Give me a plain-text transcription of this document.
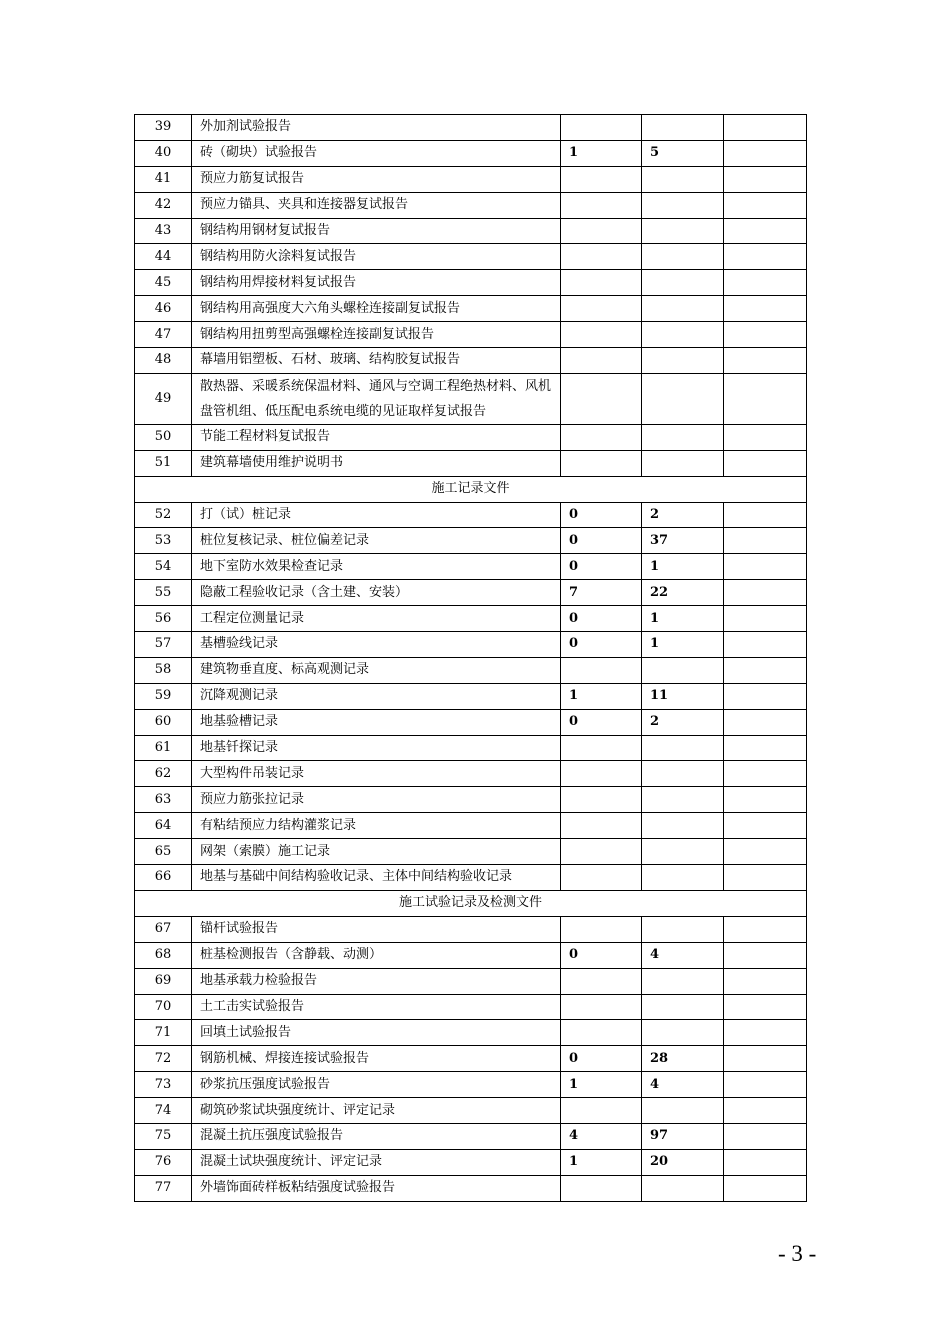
39	外加剂试验报告			
40	砖（砌块）试验报告	1	5	
41	预应力筋复试报告			
42	预应力锚具、夹具和连接器复试报告			
43	钢结构用钢材复试报告			
44	钢结构用防火涂料复试报告			
45	钢结构用焊接材料复试报告			
46	钢结构用高强度大六角头螺栓连接副复试报告			
47	钢结构用扭剪型高强螺栓连接副复试报告			
48	幕墙用铝塑板、石材、玻璃、结构胶复试报告			
49	散热器、采暖系统保温材料、通风与空调工程绝热材料、风机盘管机组、低压配电系统电缆的见证取样复试报告			
50	节能工程材料复试报告			
51	建筑幕墙使用维护说明书			
施工记录文件				
52	打（试）桩记录	0	2	
53	桩位复核记录、桩位偏差记录	0	37	
54	地下室防水效果检查记录	0	1	
55	隐蔽工程验收记录（含土建、安装）	7	22	
56	工程定位测量记录	0	1	
57	基槽验线记录	0	1	
58	建筑物垂直度、标高观测记录			
59	沉降观测记录	1	11	
60	地基验槽记录	0	2	
61	地基钎探记录			
62	大型构件吊装记录			
63	预应力筋张拉记录			
64	有粘结预应力结构灌浆记录			
65	网架（索膜）施工记录			
66	地基与基础中间结构验收记录、主体中间结构验收记录			
施工试验记录及检测文件				
67	锚杆试验报告			
68	桩基检测报告（含静载、动测）	0	4	
69	地基承载力检验报告			
70	土工击实试验报告			
71	回填土试验报告			
72	钢筋机械、焊接连接试验报告	0	28	
73	砂浆抗压强度试验报告	1	4	
74	砌筑砂浆试块强度统计、评定记录			
75	混凝土抗压强度试验报告	4	97	
76	混凝土试块强度统计、评定记录	1	20	
77	外墙饰面砖样板粘结强度试验报告			
- 3 -
